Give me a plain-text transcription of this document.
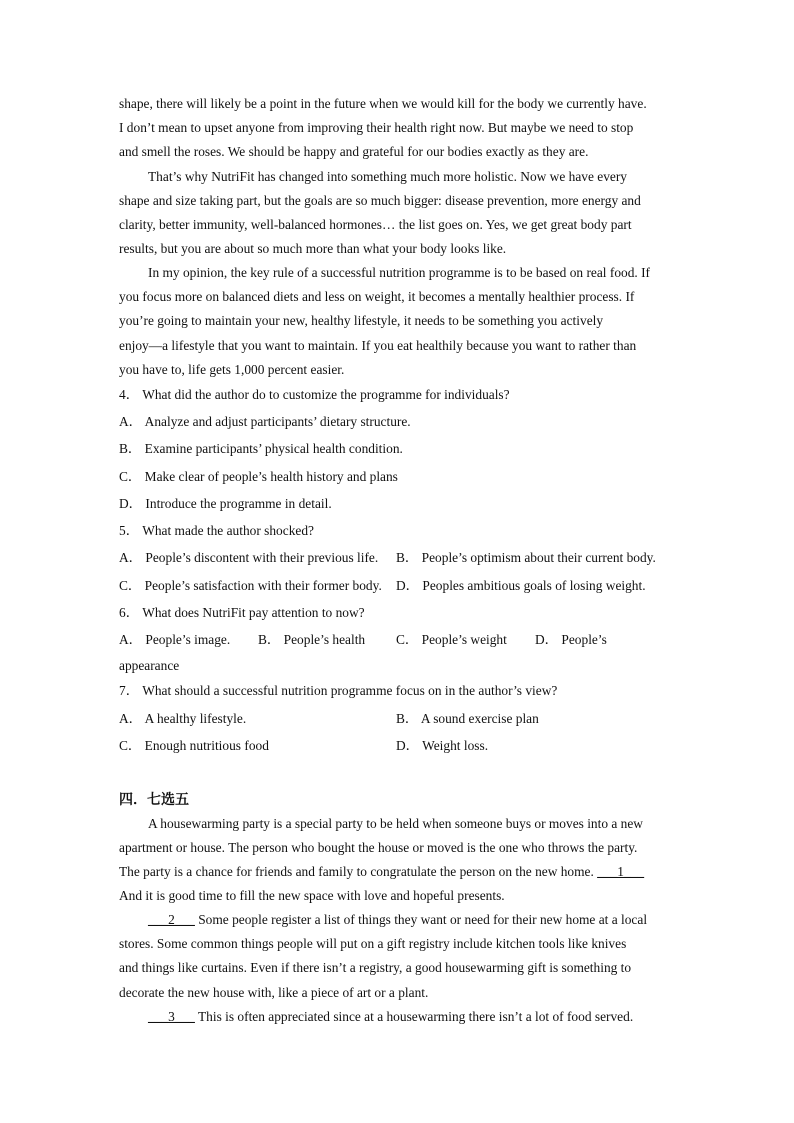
shape, there will likely be a point in the future when we would kill for the body we currently have.
I don’t mean to upset anyone from improving their health right now. But maybe we need to stop
and smell the roses. We should be happy and grateful for our bodies exactly as they are.
That’s why NutriFit has changed into something much more holistic. Now we have every
shape and size taking part, but the goals are so much bigger: disease prevention, more energy and
clarity, better immunity, well-balanced hormones… the list goes on. Yes, we get great body part
results, but you are about so much more than what your body looks like.
In my opinion, the key rule of a successful nutrition programme is to be based on real food. If
you focus more on balanced diets and less on weight, it becomes a mentally healthier process. If
you’re going to maintain your new, healthy lifestyle, it needs to be something you actively
enjoy—a lifestyle that you want to maintain. If you eat healthily because you want to rather than
you have to, life gets 1,000 percent easier.
4． What did the author do to customize the programme for individuals?
A． Analyze and adjust participants’ dietary structure.
B． Examine participants’ physical health condition.
C． Make clear of people’s health history and plans
D． Introduce the programme in detail.
5． What made the author shocked?
A． People’s discontent with their previous life. B． People’s optimism about their current body.
C． People’s satisfaction with their former body. D． Peoples ambitious goals of losing weight.
6． What does NutriFit pay attention to now?
A． People’s image. B． People’s health C． People’s weight D． People’s
appearance
7． What should a successful nutrition programme focus on in the author’s view?
A． A healthy lifestyle.	B． A sound exercise plan
C． Enough nutritious food	D． Weight loss.
四．七选五
A housewarming party is a special party to be held when someone buys or moves into a new
apartment or house. The person who bought the house or moved is the one who throws the party.
The party is a chance for friends and family to congratulate the person on the new home. ___1___
And it is good time to fill the new space with love and hopeful presents.
___2___ Some people register a list of things they want or need for their new home at a local
stores. Some common things people will put on a gift registry include kitchen tools like knives
and things like curtains. Even if there isn’t a registry, a good housewarming gift is something to
decorate the new house with, like a piece of art or a plant.
___3___ This is often appreciated since at a housewarming there isn’t a lot of food served.
